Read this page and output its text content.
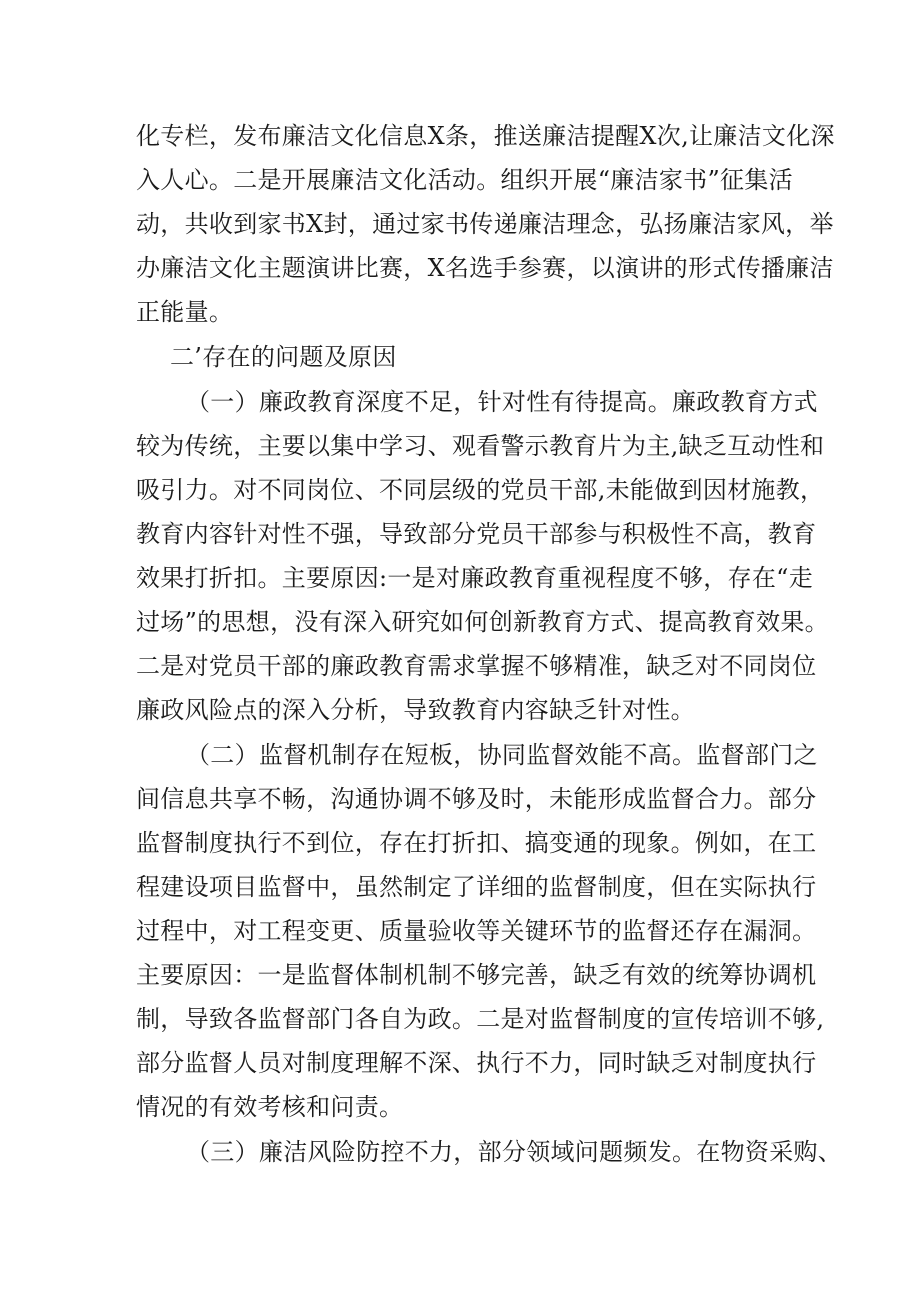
化专栏，发布廉洁文化信息X条，推送廉洁提醒X次,让廉洁文化深
入人心。二是开展廉洁文化活动。组织开展“廉洁家书”征集活
动，共收到家书X封，通过家书传递廉洁理念，弘扬廉洁家风，举
办廉洁文化主题演讲比赛，X名选手参赛，以演讲的形式传播廉洁
正能量。
二’存在的问题及原因
（一）廉政教育深度不足，针对性有待提高。廉政教育方式
较为传统，主要以集中学习、观看警示教育片为主,缺乏互动性和
吸引力。对不同岗位、不同层级的党员干部,未能做到因材施教，
教育内容针对性不强，导致部分党员干部参与积极性不高，教育
效果打折扣。主要原因:一是对廉政教育重视程度不够，存在“走
过场”的思想，没有深入研究如何创新教育方式、提高教育效果。
二是对党员干部的廉政教育需求掌握不够精准，缺乏对不同岗位
廉政风险点的深入分析，导致教育内容缺乏针对性。
（二）监督机制存在短板，协同监督效能不高。监督部门之
间信息共享不畅，沟通协调不够及时，未能形成监督合力。部分
监督制度执行不到位，存在打折扣、搞变通的现象。例如，在工
程建设项目监督中，虽然制定了详细的监督制度，但在实际执行
过程中，对工程变更、质量验收等关键环节的监督还存在漏洞。
主要原因：一是监督体制机制不够完善，缺乏有效的统筹协调机
制，导致各监督部门各自为政。二是对监督制度的宣传培训不够,
部分监督人员对制度理解不深、执行不力，同时缺乏对制度执行
情况的有效考核和问责。
（三）廉洁风险防控不力，部分领域问题频发。在物资采购、
